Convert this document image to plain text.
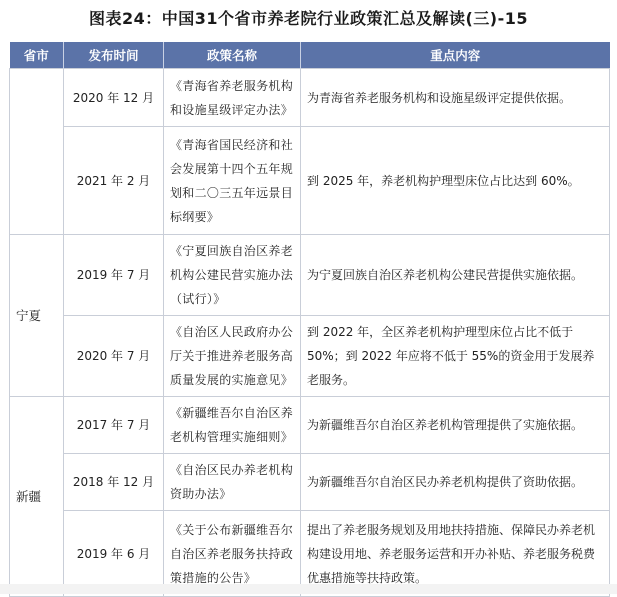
图表24：中国31个省市养老院行业政策汇总及解读(三)-15
省市	发布时间	政策名称	重点内容
	2020 年 12 月	《青海省养老服务机构和设施星级评定办法》	为青海省养老服务机构和设施星级评定提供依据。
	2021 年 2 月	《青海省国民经济和社会发展第十四个五年规划和二〇三五年远景目标纲要》	到 2025 年，养老机构护理型床位占比达到 60%。
宁夏	2019 年 7 月	《宁夏回族自治区养老机构公建民营实施办法（试行）》	为宁夏回族自治区养老机构公建民营提供实施依据。
	2020 年 7 月	《自治区人民政府办公厅关于推进养老服务高质量发展的实施意见》	到 2022 年，全区养老机构护理型床位占比不低于 50%；到 2022 年应将不低于 55%的资金用于发展养老服务。
新疆	2017 年 7 月	《新疆维吾尔自治区养老机构管理实施细则》	为新疆维吾尔自治区养老机构管理提供了实施依据。
	2018 年 12 月	《自治区民办养老机构资助办法》	为新疆维吾尔自治区民办养老机构提供了资助依据。
	2019 年 6 月	《关于公布新疆维吾尔自治区养老服务扶持政策措施的公告》	提出了养老服务规划及用地扶持措施、保障民办养老机构建设用地、养老服务运营和开办补贴、养老服务税费优惠措施等扶持政策。
